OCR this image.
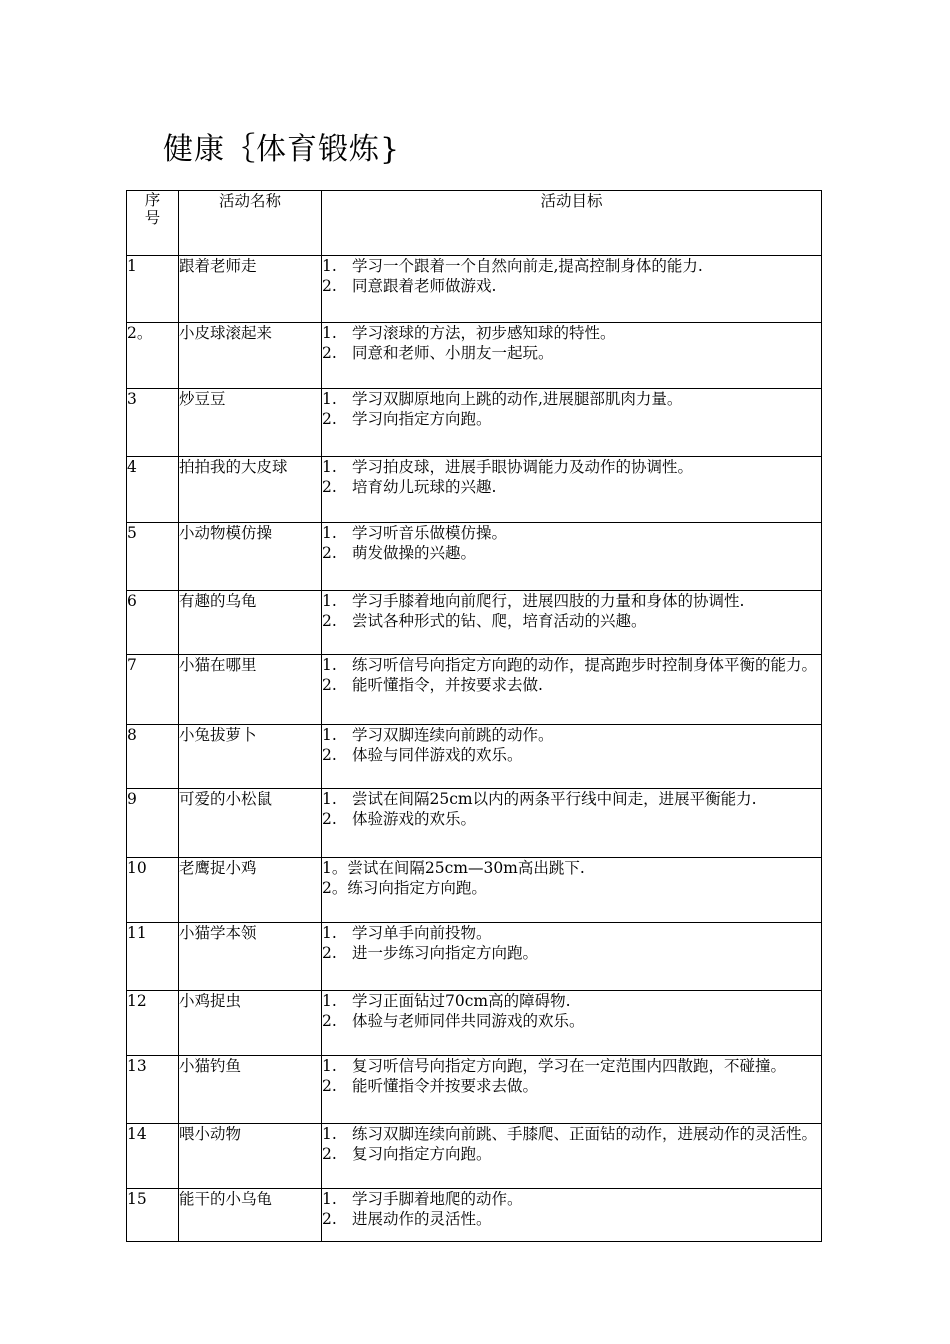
健康｛体育锻炼}
序号	活动名称	活动目标
1	跟着老师走	1. 学习一个跟着一个自然向前走,提高控制身体的能力.
2. 同意跟着老师做游戏.

2。	小皮球滚起来	1. 学习滚球的方法，初步感知球的特性。
2. 同意和老师、小朋友一起玩。

3	炒豆豆	1. 学习双脚原地向上跳的动作,进展腿部肌肉力量。
2. 学习向指定方向跑。

4	拍拍我的大皮球	1. 学习拍皮球，进展手眼协调能力及动作的协调性。
2. 培育幼儿玩球的兴趣.

5	小动物模仿操	1. 学习听音乐做模仿操。
2. 萌发做操的兴趣。

6	有趣的乌龟	1. 学习手膝着地向前爬行，进展四肢的力量和身体的协调性.
2. 尝试各种形式的钻、爬，培育活动的兴趣。

7	小猫在哪里	1. 练习听信号向指定方向跑的动作，提高跑步时控制身体平衡的能力。
2. 能听懂指令，并按要求去做.

8	小兔拔萝卜	1. 学习双脚连续向前跳的动作。
2. 体验与同伴游戏的欢乐。

9	可爱的小松鼠	1. 尝试在间隔25cm以内的两条平行线中间走，进展平衡能力.
2. 体验游戏的欢乐。

10	老鹰捉小鸡	1。尝试在间隔25cm—30m高出跳下.
2。练习向指定方向跑。

11	小猫学本领	1. 学习单手向前投物。
2. 进一步练习向指定方向跑。

12	小鸡捉虫	1. 学习正面钻过70cm高的障碍物.
2. 体验与老师同伴共同游戏的欢乐。

13	小猫钓鱼	1. 复习听信号向指定方向跑，学习在一定范围内四散跑，不碰撞。
2. 能听懂指令并按要求去做。

14	喂小动物	1. 练习双脚连续向前跳、手膝爬、正面钻的动作，进展动作的灵活性。
2. 复习向指定方向跑。

15	能干的小乌龟	1. 学习手脚着地爬的动作。
2. 进展动作的灵活性。
